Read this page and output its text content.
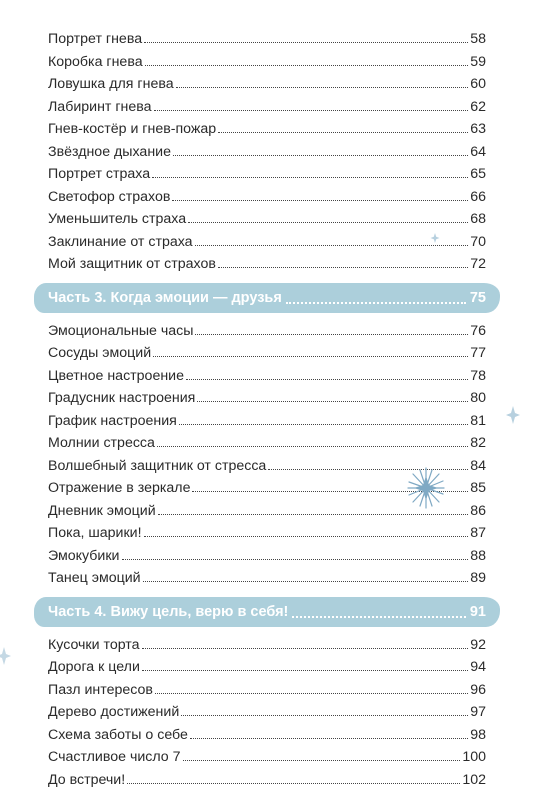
Портрет гнева	58
Коробка гнева	59
Ловушка для гнева	60
Лабиринт гнева	62
Гнев-костёр и гнев-пожар	63
Звёздное дыхание	64
Портрет страха	65
Светофор страхов	66
Уменьшитель страха	68
Заклинание от страха	70
Мой защитник от страхов	72
Часть 3. Когда эмоции — друзья	75
Эмоциональные часы	76
Сосуды эмоций	77
Цветное настроение	78
Градусник настроения	80
График настроения	81
Молнии стресса	82
Волшебный защитник от стресса	84
Отражение в зеркале	85
Дневник эмоций	86
Пока, шарики!	87
Эмокубики	88
Танец эмоций	89
Часть 4. Вижу цель, верю в себя!	91
Кусочки торта	92
Дорога к цели	94
Пазл интересов	96
Дерево достижений	97
Схема заботы о себе	98
Счастливое число 7	100
До встречи!	102
